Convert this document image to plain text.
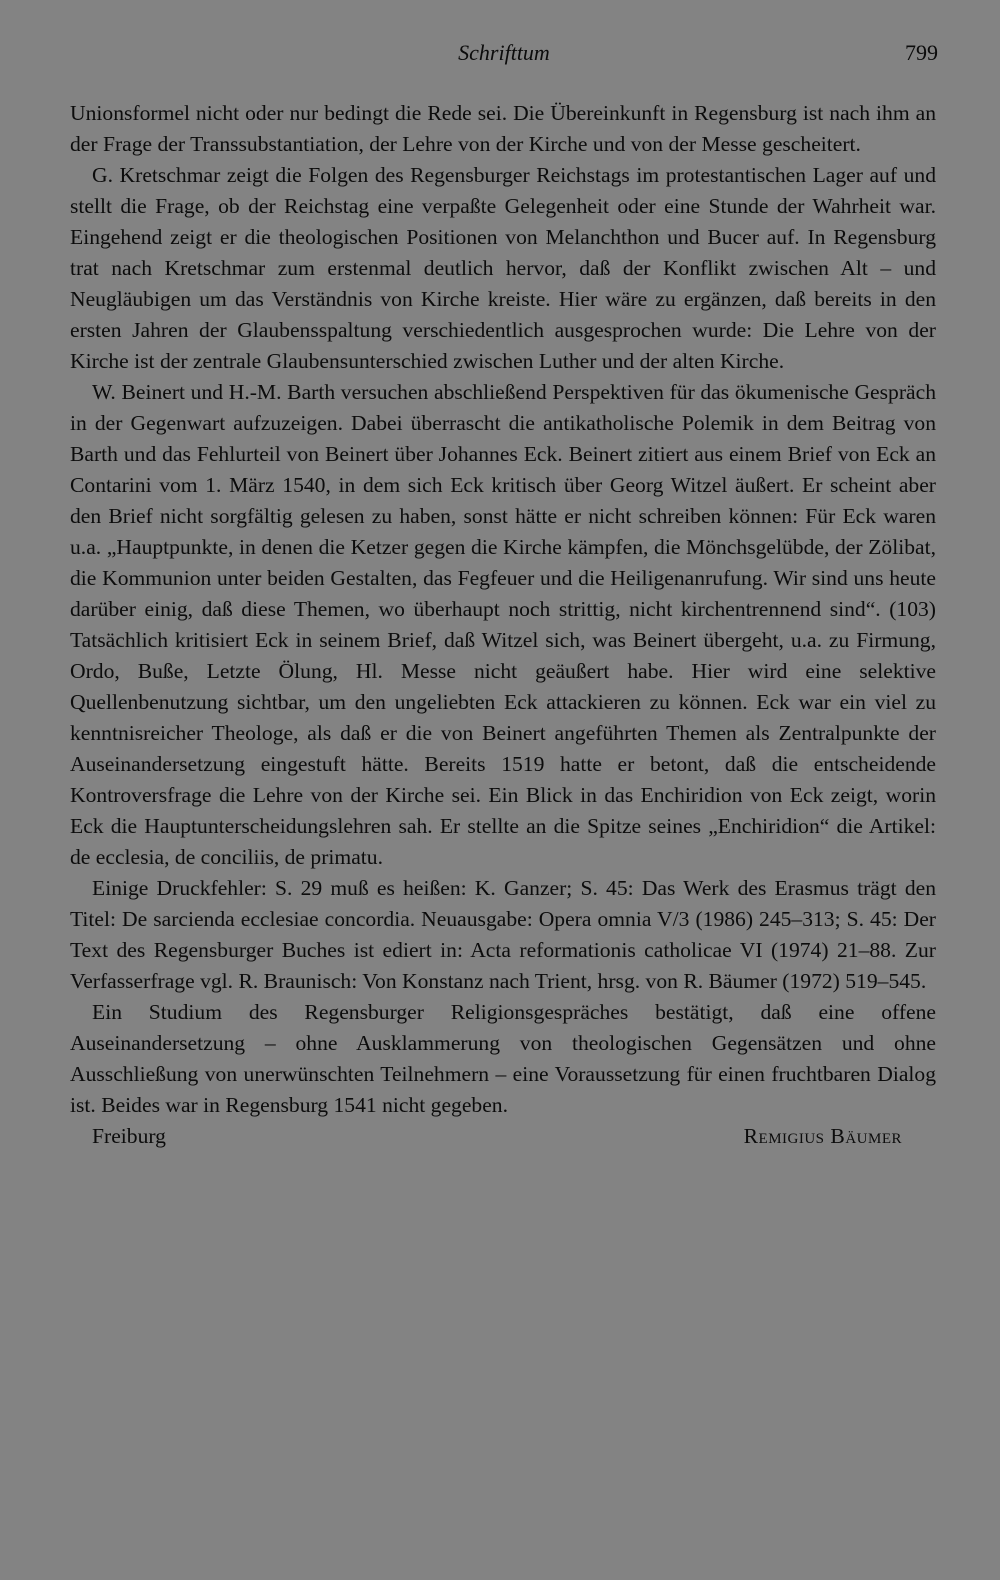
Schrifttum	799

Unionsformel nicht oder nur bedingt die Rede sei. Die Übereinkunft in Regensburg ist nach ihm an der Frage der Transsubstantiation, der Lehre von der Kirche und von der Messe gescheitert.

G. Kretschmar zeigt die Folgen des Regensburger Reichstags im protestantischen Lager auf und stellt die Frage, ob der Reichstag eine verpaßte Gelegenheit oder eine Stunde der Wahrheit war. Eingehend zeigt er die theologischen Positionen von Melanchthon und Bucer auf. In Regensburg trat nach Kretschmar zum erstenmal deutlich hervor, daß der Konflikt zwischen Alt – und Neugläubigen um das Verständnis von Kirche kreiste. Hier wäre zu ergänzen, daß bereits in den ersten Jahren der Glaubensspaltung verschiedentlich ausgesprochen wurde: Die Lehre von der Kirche ist der zentrale Glaubensunterschied zwischen Luther und der alten Kirche.

W. Beinert und H.-M. Barth versuchen abschließend Perspektiven für das ökumenische Gespräch in der Gegenwart aufzuzeigen. Dabei überrascht die antikatholische Polemik in dem Beitrag von Barth und das Fehlurteil von Beinert über Johannes Eck. Beinert zitiert aus einem Brief von Eck an Contarini vom 1. März 1540, in dem sich Eck kritisch über Georg Witzel äußert. Er scheint aber den Brief nicht sorgfältig gelesen zu haben, sonst hätte er nicht schreiben können: Für Eck waren u.a. „Hauptpunkte, in denen die Ketzer gegen die Kirche kämpfen, die Mönchsgelübde, der Zölibat, die Kommunion unter beiden Gestalten, das Fegfeuer und die Heiligenanrufung. Wir sind uns heute darüber einig, daß diese Themen, wo überhaupt noch strittig, nicht kirchentrennend sind“. (103) Tatsächlich kritisiert Eck in seinem Brief, daß Witzel sich, was Beinert übergeht, u.a. zu Firmung, Ordo, Buße, Letzte Ölung, Hl. Messe nicht geäußert habe. Hier wird eine selektive Quellenbenutzung sichtbar, um den ungeliebten Eck attackieren zu können. Eck war ein viel zu kenntnisreicher Theologe, als daß er die von Beinert angeführten Themen als Zentralpunkte der Auseinandersetzung eingestuft hätte. Bereits 1519 hatte er betont, daß die entscheidende Kontroversfrage die Lehre von der Kirche sei. Ein Blick in das Enchiridion von Eck zeigt, worin Eck die Hauptunterscheidungslehren sah. Er stellte an die Spitze seines „Enchiridion“ die Artikel: de ecclesia, de conciliis, de primatu.

Einige Druckfehler: S. 29 muß es heißen: K. Ganzer; S. 45: Das Werk des Erasmus trägt den Titel: De sarcienda ecclesiae concordia. Neuausgabe: Opera omnia V/3 (1986) 245–313; S. 45: Der Text des Regensburger Buches ist ediert in: Acta reformationis catholicae VI (1974) 21–88. Zur Verfasserfrage vgl. R. Braunisch: Von Konstanz nach Trient, hrsg. von R. Bäumer (1972) 519–545.

Ein Studium des Regensburger Religionsgespräches bestätigt, daß eine offene Auseinandersetzung – ohne Ausklammerung von theologischen Gegensätzen und ohne Ausschließung von unerwünschten Teilnehmern – eine Voraussetzung für einen fruchtbaren Dialog ist. Beides war in Regensburg 1541 nicht gegeben.

Freiburg	Remigius Bäumer
